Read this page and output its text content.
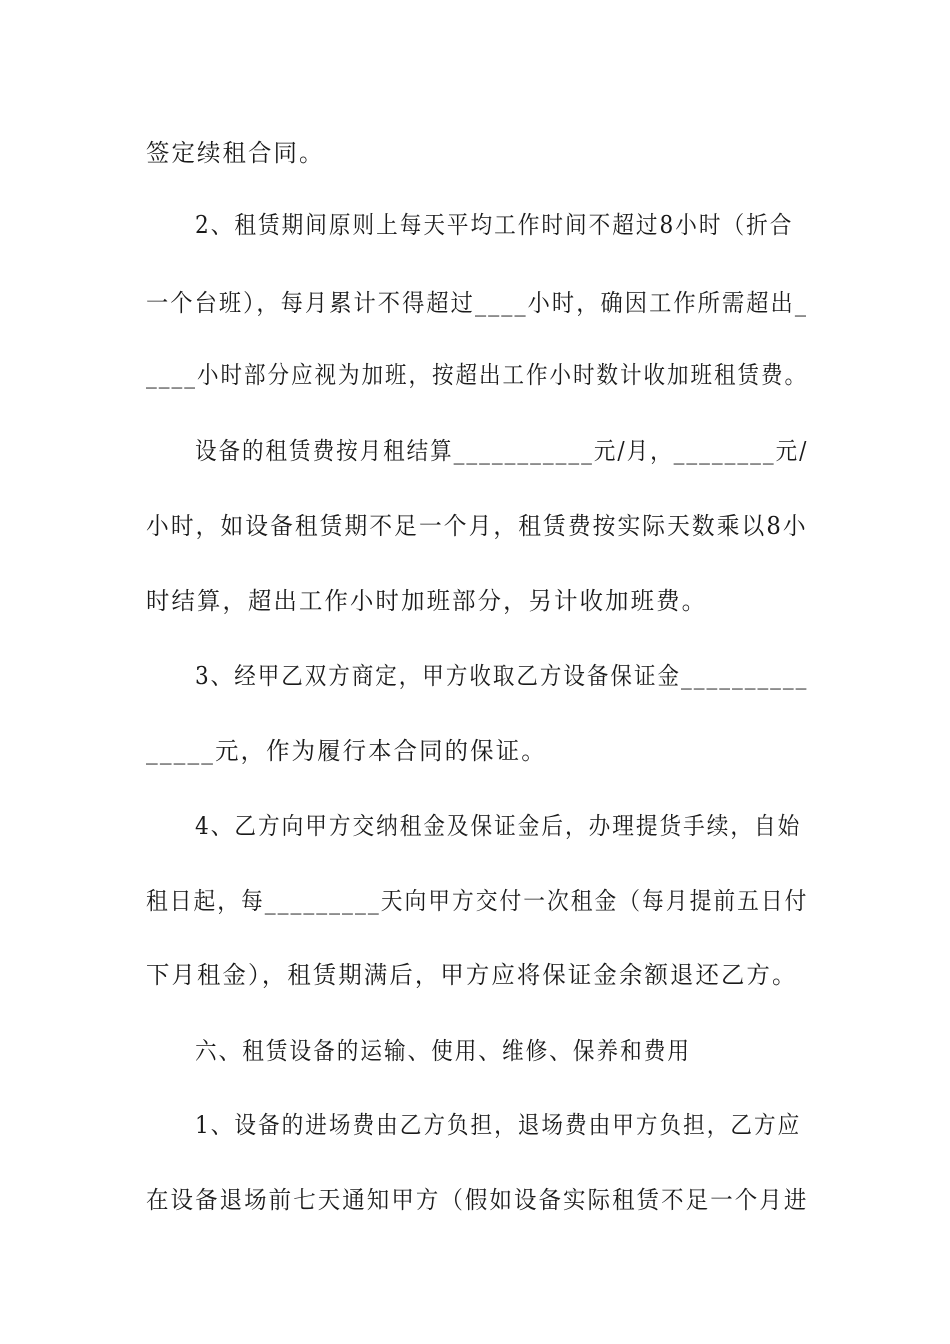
签定续租合同。
2、租赁期间原则上每天平均工作时间不超过8小时（折合
一个台班），每月累计不得超过____小时，确因工作所需超出_
____小时部分应视为加班，按超出工作小时数计收加班租赁费。
设备的租赁费按月租结算___________元/月，________元/
小时，如设备租赁期不足一个月，租赁费按实际天数乘以8小
时结算，超出工作小时加班部分，另计收加班费。
3、经甲乙双方商定，甲方收取乙方设备保证金__________
_____元，作为履行本合同的保证。
4、乙方向甲方交纳租金及保证金后，办理提货手续，自始
租日起，每_________天向甲方交付一次租金（每月提前五日付
下月租金），租赁期满后，甲方应将保证金余额退还乙方。
六、租赁设备的运输、使用、维修、保养和费用
1、设备的进场费由乙方负担，退场费由甲方负担，乙方应
在设备退场前七天通知甲方（假如设备实际租赁不足一个月进
